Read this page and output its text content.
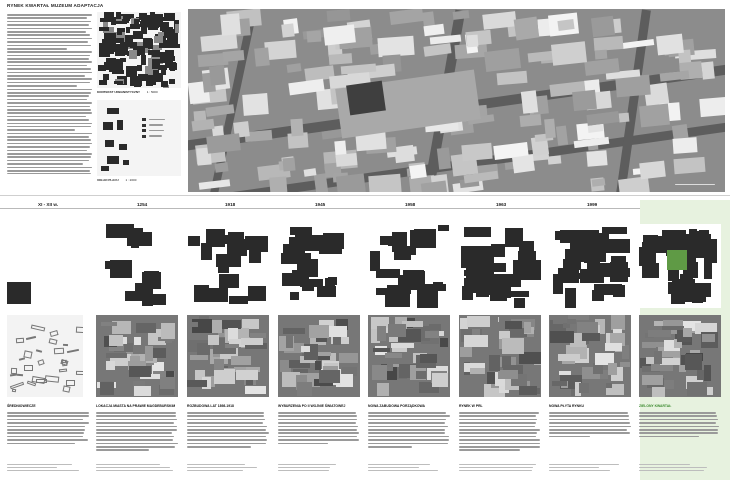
RYNEK KWARTAŁ MUZEUM ADAPTACJA
KONTEKST URBANISTYCZNY 1 : 5000
UKŁAD PLACU 1 : 2000
XI - XII w.	1254	1918	1945	1958	1963	1999
ŚREDNIOWIECZE	LOKACJA MIASTA NA PRAWIE MAGDEBURSKIM	ROZBUDOWA LAT 1898-1918	WYBURZENIA PO II WOJNIE ŚWIATOWEJ	NOWA ZABUDOWA PORZĄDKOWA	RYNEK W PRL	NOWA PŁYTA RYNKU	ZIELONY KWARTAŁ
